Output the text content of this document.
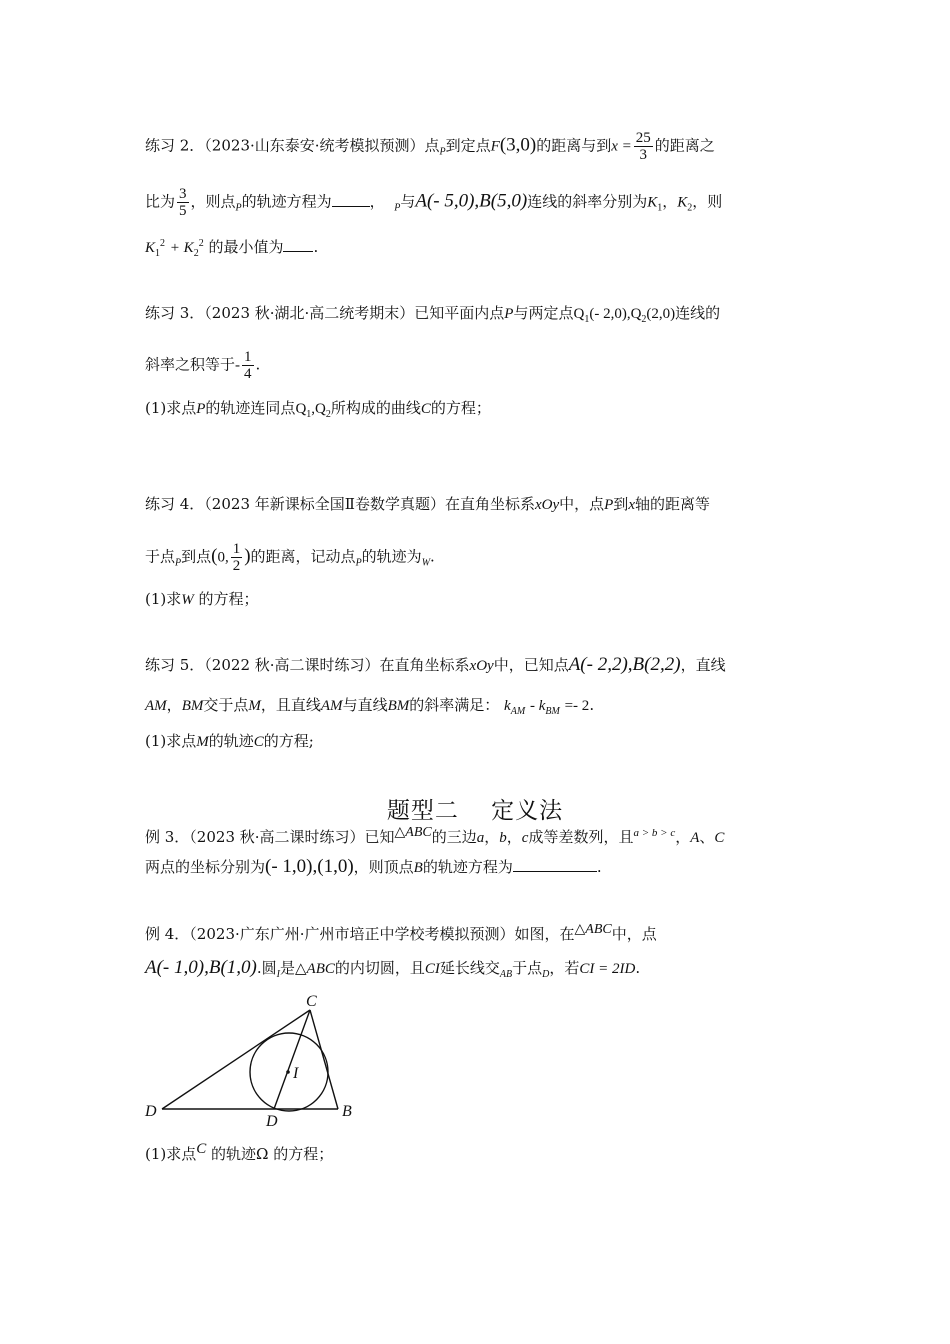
练习 2．（2023·山东泰安·统考模拟预测）点$_P$到定点F(3,0)的距离与到$x = \frac{25}{3}$ 的距离之
比为 $\frac{3}{5}$ ，则点$_P$的轨迹方程为	， $_P$与A(- 5,0),B(5,0)连线的斜率分别为$K_1$，$K_2$，则
$K_1^2 + K_2^2$ 的最小值为 .
练习 3．（2023 秋·湖北·高二统考期末）已知平面内点P与两定点$Q_1(-$ $2,0),Q_2(2,0)$连线的
斜率之积等于- $\frac{1}{4}$ .
(1)求点P的轨迹连同点$Q_1,Q_2$所构成的曲线C的方程；
练习 4．（2023 年新课标全国Ⅱ卷数学真题）在直角坐标系xOy中，点P到x轴的距离等
于点$_P$到点(0, $\frac{1}{2}$ )的距离，记动点$_P$的轨迹为$_W$.
(1)求W 的方程；
练习 5．（2022 秋·高二课时练习）在直角坐标系xOy中，已知点A(- 2,2),B(2,2)，直线
AM，BM交于点M，且直线AM与直线BM的斜率满足： $k_{AM} - k_{BM} =- 2$.
(1)求点M的轨迹C的方程;
题型二　 定义法
例 3．（2023 秋·高二课时练习）已知$^{\triangle ABC}$的三边a，b，c成等差数列，且$^{a > b > c}$，A、C
两点的坐标分别为(- 1,0),(1,0)，则顶点B的轨迹方程为	.
例 4．（2023·广东广州·广州市培正中学校考模拟预测）如图，在$^{\triangle ABC}$中，点
A(- 1,0),B(1,0).圆$_I$是△ABC的内切圆，且CI延长线交$_{AB}$于点$_D$，若CI = 2ID.
C
I
D
D
B
(1)求点$^C$ 的轨迹Ω 的方程；
